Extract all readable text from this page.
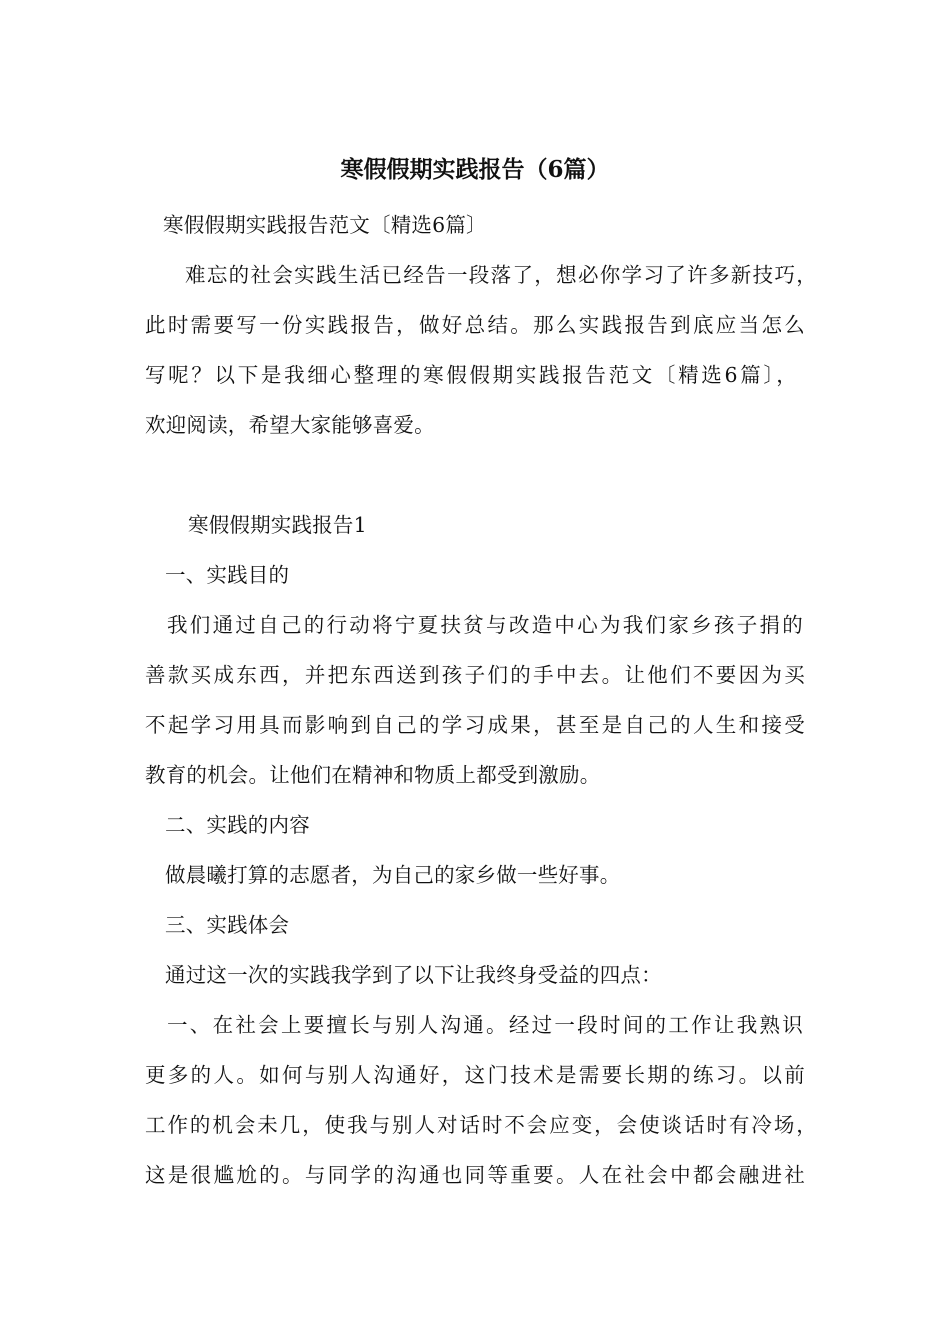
寒假假期实践报告（6篇）
寒假假期实践报告范文〔精选6篇〕
难忘的社会实践生活已经告一段落了，想必你学习了许多新技巧，
此时需要写一份实践报告，做好总结。那么实践报告到底应当怎么
写呢？以下是我细心整理的寒假假期实践报告范文〔精选6篇〕，
欢迎阅读，希望大家能够喜爱。
寒假假期实践报告1
一、实践目的
我们通过自己的行动将宁夏扶贫与改造中心为我们家乡孩子捐的
善款买成东西，并把东西送到孩子们的手中去。让他们不要因为买
不起学习用具而影响到自己的学习成果，甚至是自己的人生和接受
教育的机会。让他们在精神和物质上都受到激励。
二、实践的内容
做晨曦打算的志愿者，为自己的家乡做一些好事。
三、实践体会
通过这一次的实践我学到了以下让我终身受益的四点：
一、在社会上要擅长与别人沟通。经过一段时间的工作让我熟识
更多的人。如何与别人沟通好，这门技术是需要长期的练习。以前
工作的机会未几，使我与别人对话时不会应变，会使谈话时有冷场，
这是很尴尬的。与同学的沟通也同等重要。人在社会中都会融进社
